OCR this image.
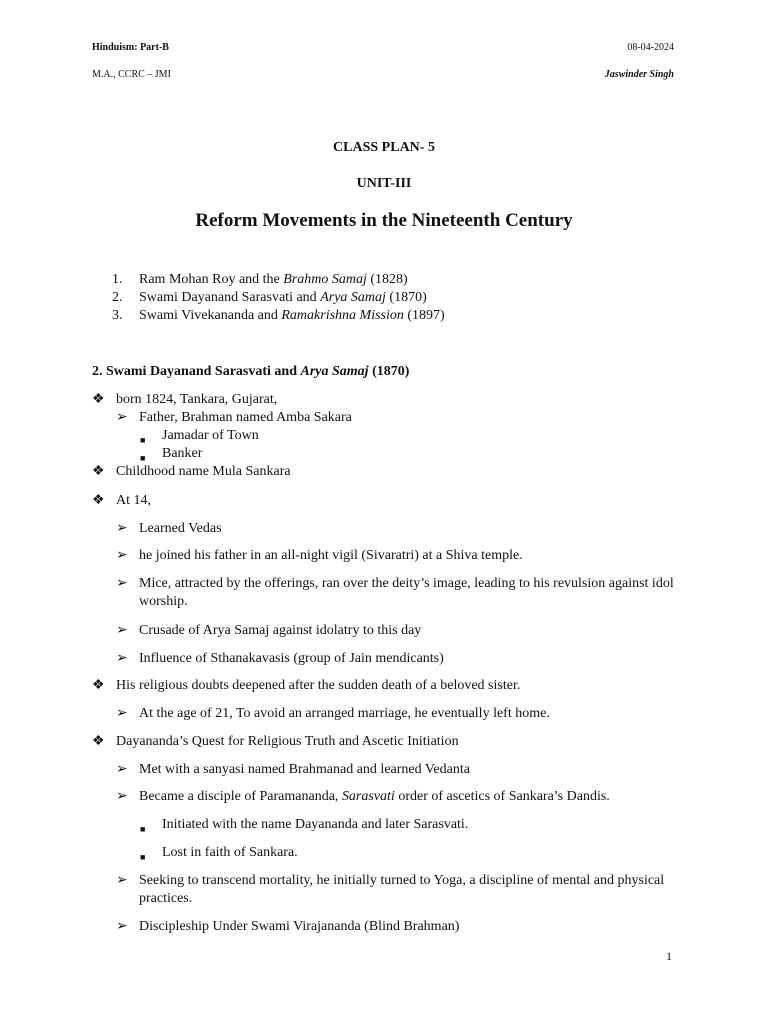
Hinduism: Part-B	08-04-2024
M.A., CCRC – JMI	Jaswinder Singh
CLASS PLAN- 5
UNIT-III
Reform Movements in the Nineteenth Century
1. Ram Mohan Roy and the Brahmo Samaj (1828)
2. Swami Dayanand Sarasvati and Arya Samaj (1870)
3. Swami Vivekananda and Ramakrishna Mission (1897)
2. Swami Dayanand Sarasvati and Arya Samaj (1870)
❖ born 1824, Tankara, Gujarat,
➢ Father, Brahman named Amba Sakara
■ Jamadar of Town
■ Banker
❖ Childhood name Mula Sankara
❖ At 14,
➢ Learned Vedas
➢ he joined his father in an all-night vigil (Sivaratri) at a Shiva temple.
➢ Mice, attracted by the offerings, ran over the deity’s image, leading to his revulsion against idol worship.
➢ Crusade of Arya Samaj against idolatry to this day
➢ Influence of Sthanakavasis (group of Jain mendicants)
❖ His religious doubts deepened after the sudden death of a beloved sister.
➢ At the age of 21, To avoid an arranged marriage, he eventually left home.
❖ Dayananda’s Quest for Religious Truth and Ascetic Initiation
➢ Met with a sanyasi named Brahmanad and learned Vedanta
➢ Became a disciple of Paramananda, Sarasvati order of ascetics of Sankara’s Dandis.
■ Initiated with the name Dayananda and later Sarasvati.
■ Lost in faith of Sankara.
➢ Seeking to transcend mortality, he initially turned to Yoga, a discipline of mental and physical practices.
➢ Discipleship Under Swami Virajananda (Blind Brahman)
1
